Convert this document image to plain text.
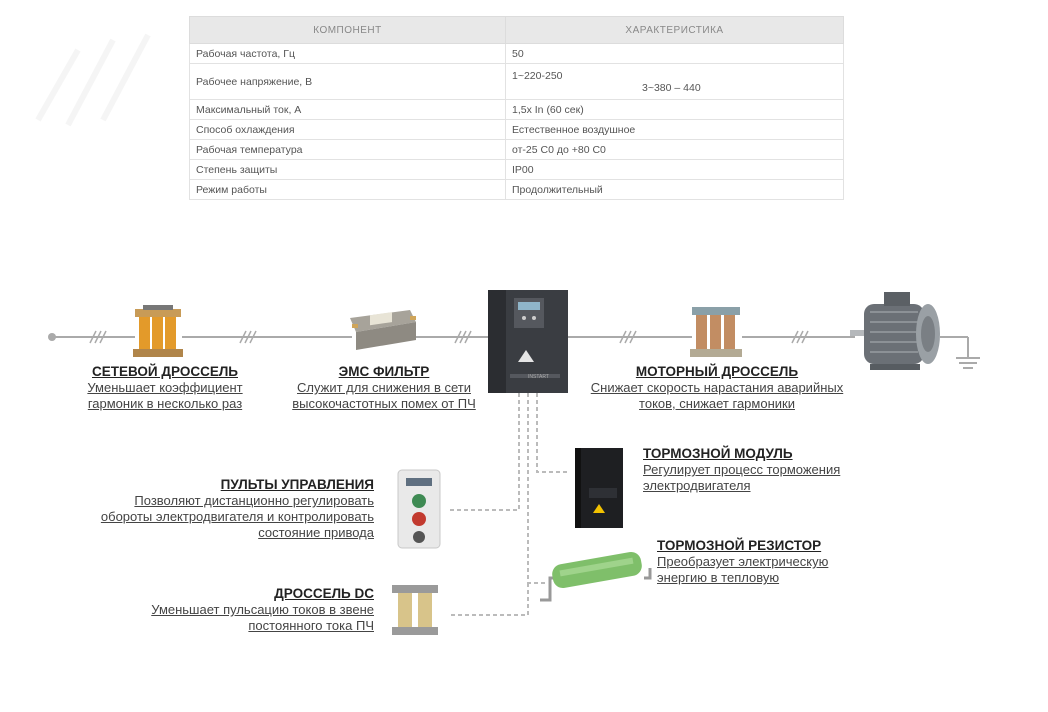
КОМПОНЕНТ	ХАРАКТЕРИСТИКА
Рабочая частота, Гц	50
Рабочее напряжение, В	1~220-250
3~380 – 440

Максимальный ток, А	1,5х In (60 сек)
Способ охлаждения	Естественное воздушное
Рабочая температура	от-25 С0 до +80 С0
Степень защиты	IP00
Режим работы	Продолжительный
INSTART
СЕТЕВОЙ ДРОССЕЛЬ
Уменьшает коэффициент гармоник в несколько раз
ЭМС ФИЛЬТР
Служит для снижения в сети высокочастотных помех от ПЧ
МОТОРНЫЙ ДРОССЕЛЬ
Снижает скорость нарастания аварийных токов, снижает гармоники
ТОРМОЗНОЙ МОДУЛЬ
Регулирует процесс торможения электродвигателя
ПУЛЬТЫ УПРАВЛЕНИЯ
Позволяют дистанционно регулировать обороты электродвигателя и контролировать состояние привода
ТОРМОЗНОЙ РЕЗИСТОР
Преобразует электрическую энергию в тепловую
ДРОССЕЛЬ DC
Уменьшает пульсацию токов в звене постоянного тока ПЧ
